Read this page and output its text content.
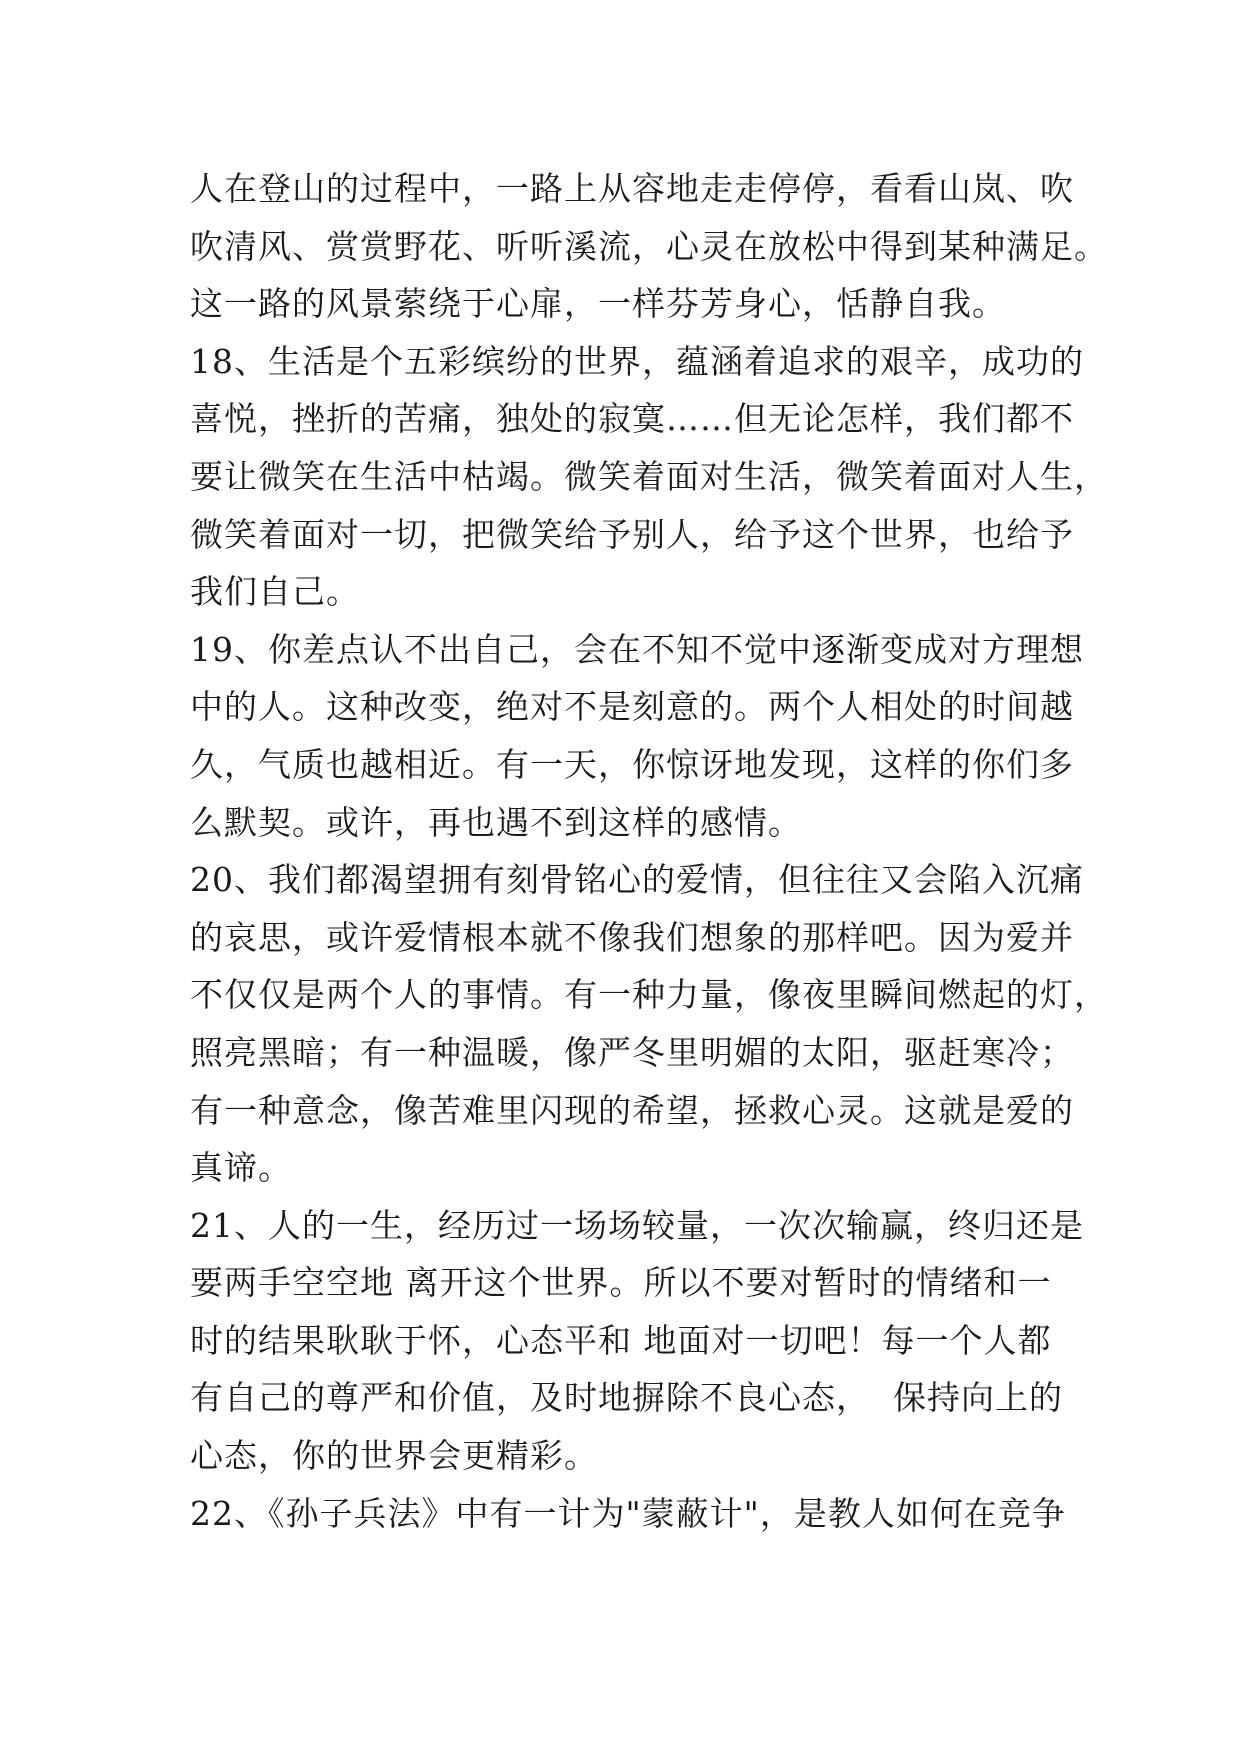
人在登山的过程中，一路上从容地走走停停，看看山岚、吹
吹清风、赏赏野花、听听溪流，心灵在放松中得到某种满足。
这一路的风景萦绕于心扉，一样芬芳身心，恬静自我。
18、生活是个五彩缤纷的世界，蕴涵着追求的艰辛，成功的
喜悦，挫折的苦痛，独处的寂寞……但无论怎样，我们都不
要让微笑在生活中枯竭。微笑着面对生活，微笑着面对人生，
微笑着面对一切，把微笑给予别人，给予这个世界，也给予
我们自己。
19、你差点认不出自己，会在不知不觉中逐渐变成对方理想
中的人。这种改变，绝对不是刻意的。两个人相处的时间越
久，气质也越相近。有一天，你惊讶地发现，这样的你们多
么默契。或许，再也遇不到这样的感情。
20、我们都渴望拥有刻骨铭心的爱情，但往往又会陷入沉痛
的哀思，或许爱情根本就不像我们想象的那样吧。因为爱并
不仅仅是两个人的事情。有一种力量，像夜里瞬间燃起的灯，
照亮黑暗；有一种温暖，像严冬里明媚的太阳，驱赶寒冷；
有一种意念，像苦难里闪现的希望，拯救心灵。这就是爱的
真谛。
21、人的一生，经历过一场场较量，一次次输赢，终归还是
要两手空空地 离开这个世界。所以不要对暂时的情绪和一
时的结果耿耿于怀，心态平和 地面对一切吧！每一个人都
有自己的尊严和价值，及时地摒除不良心态，  保持向上的
心态，你的世界会更精彩。
22、《孙子兵法》中有一计为"蒙蔽计"，是教人如何在竞争
